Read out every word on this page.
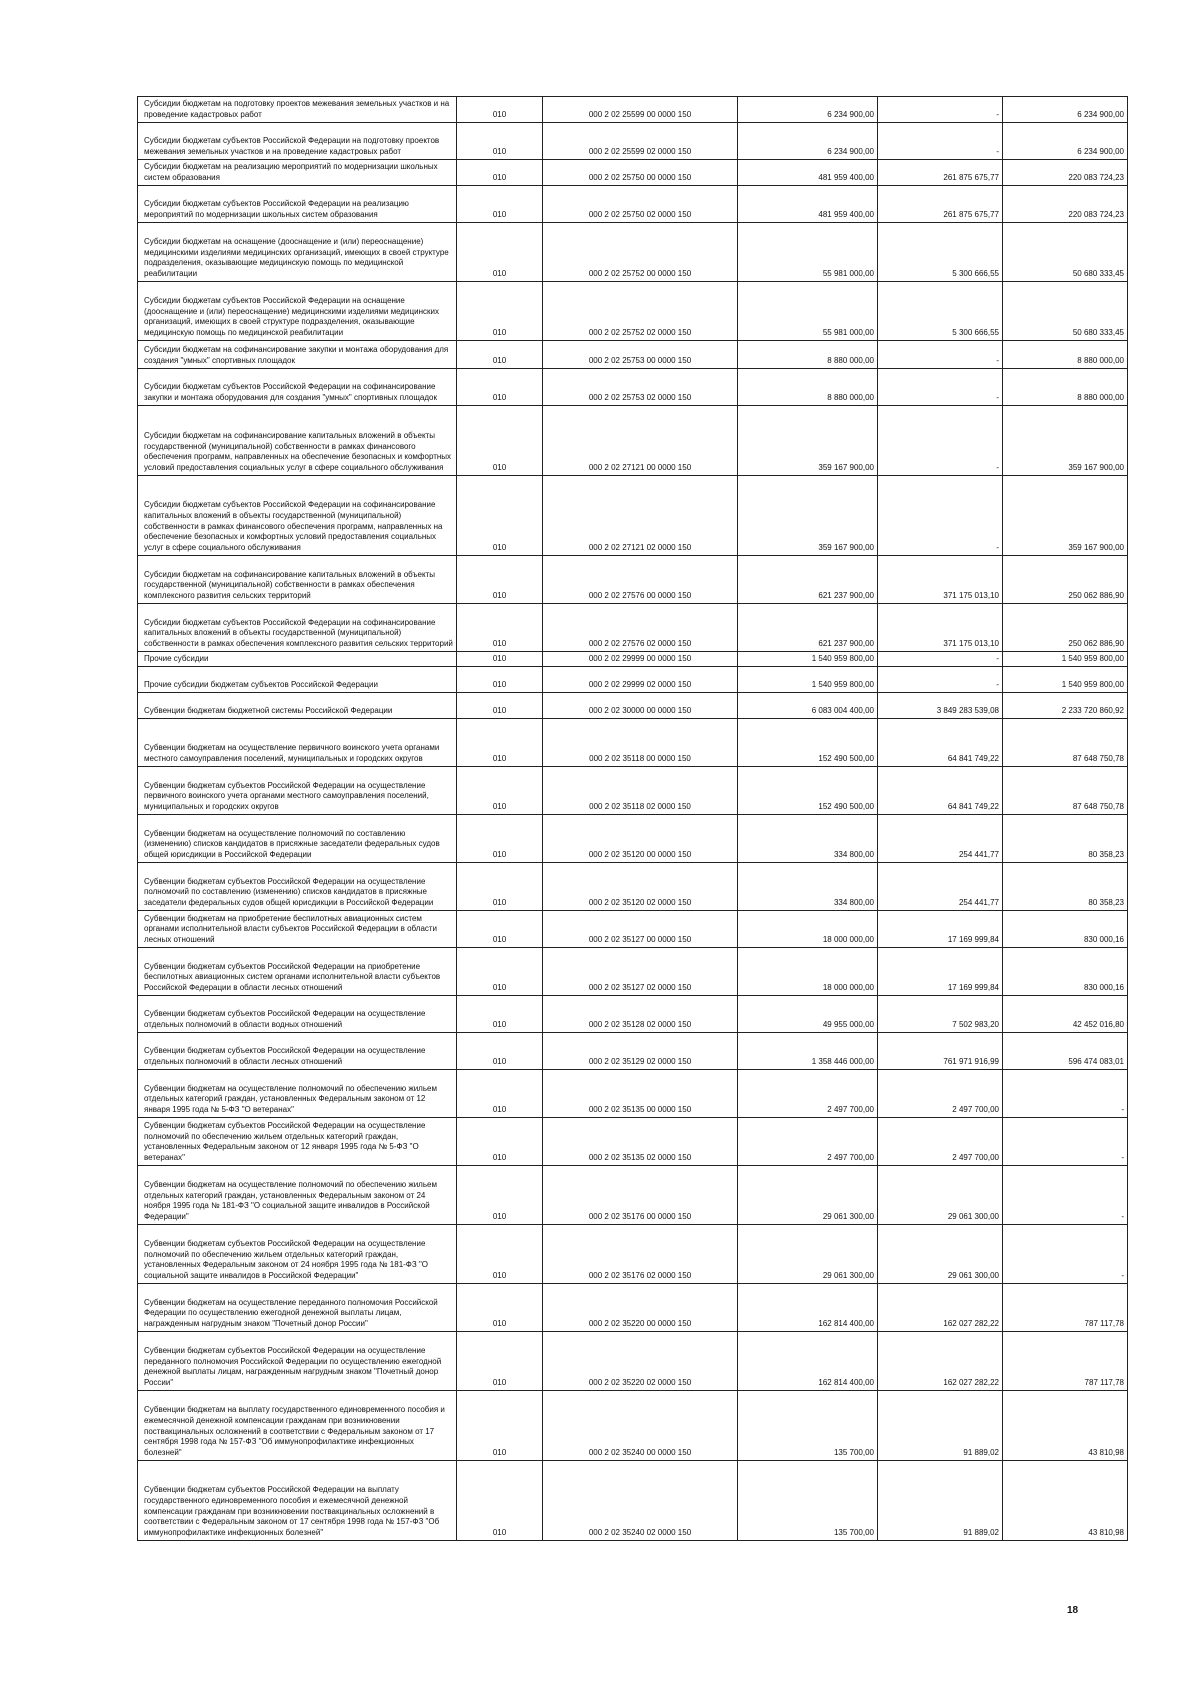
Субсидии бюджетам на подготовку проектов межевания земельных участков и на проведение кадастровых работ	010	000 2 02 25599 00 0000 150	6 234 900,00	-	6 234 900,00
Субсидии бюджетам субъектов Российской Федерации на подготовку проектов межевания земельных участков и на проведение кадастровых работ	010	000 2 02 25599 02 0000 150	6 234 900,00	-	6 234 900,00
Субсидии бюджетам на реализацию мероприятий по модернизации школьных систем образования	010	000 2 02 25750 00 0000 150	481 959 400,00	261 875 675,77	220 083 724,23
Субсидии бюджетам субъектов Российской Федерации на реализацию мероприятий по модернизации школьных систем образования	010	000 2 02 25750 02 0000 150	481 959 400,00	261 875 675,77	220 083 724,23
Субсидии бюджетам на оснащение (дооснащение и (или) переоснащение) медицинскими изделиями медицинских организаций, имеющих в своей структуре подразделения, оказывающие медицинскую помощь по медицинской реабилитации	010	000 2 02 25752 00 0000 150	55 981 000,00	5 300 666,55	50 680 333,45
Субсидии бюджетам субъектов Российской Федерации на оснащение (дооснащение и (или) переоснащение) медицинскими изделиями медицинских организаций, имеющих в своей структуре подразделения, оказывающие медицинскую помощь по медицинской реабилитации	010	000 2 02 25752 02 0000 150	55 981 000,00	5 300 666,55	50 680 333,45
Субсидии бюджетам на софинансирование закупки и монтажа оборудования для создания "умных" спортивных площадок	010	000 2 02 25753 00 0000 150	8 880 000,00	-	8 880 000,00
Субсидии бюджетам субъектов Российской Федерации на софинансирование закупки и монтажа оборудования для создания "умных" спортивных площадок	010	000 2 02 25753 02 0000 150	8 880 000,00	-	8 880 000,00
Субсидии бюджетам на софинансирование капитальных вложений в объекты государственной (муниципальной) собственности в рамках финансового обеспечения программ, направленных на обеспечение безопасных и комфортных условий предоставления социальных услуг в сфере социального обслуживания	010	000 2 02 27121 00 0000 150	359 167 900,00	-	359 167 900,00
Субсидии бюджетам субъектов Российской Федерации на софинансирование капитальных вложений в объекты государственной (муниципальной) собственности в рамках финансового обеспечения программ, направленных на обеспечение безопасных и комфортных условий предоставления социальных услуг в сфере социального обслуживания	010	000 2 02 27121 02 0000 150	359 167 900,00	-	359 167 900,00
Субсидии бюджетам на софинансирование капитальных вложений в объекты государственной (муниципальной) собственности в рамках обеспечения комплексного развития сельских территорий	010	000 2 02 27576 00 0000 150	621 237 900,00	371 175 013,10	250 062 886,90
Субсидии бюджетам субъектов Российской Федерации на софинансирование капитальных вложений в объекты государственной (муниципальной) собственности в рамках обеспечения комплексного развития сельских территорий	010	000 2 02 27576 02 0000 150	621 237 900,00	371 175 013,10	250 062 886,90
Прочие субсидии	010	000 2 02 29999 00 0000 150	1 540 959 800,00	-	1 540 959 800,00
Прочие субсидии бюджетам субъектов Российской Федерации	010	000 2 02 29999 02 0000 150	1 540 959 800,00	-	1 540 959 800,00
Субвенции бюджетам бюджетной системы Российской Федерации	010	000 2 02 30000 00 0000 150	6 083 004 400,00	3 849 283 539,08	2 233 720 860,92
Субвенции бюджетам на осуществление первичного воинского учета органами местного самоуправления поселений, муниципальных и городских округов	010	000 2 02 35118 00 0000 150	152 490 500,00	64 841 749,22	87 648 750,78
Субвенции бюджетам субъектов Российской Федерации на осуществление первичного воинского учета органами местного самоуправления поселений, муниципальных и городских округов	010	000 2 02 35118 02 0000 150	152 490 500,00	64 841 749,22	87 648 750,78
Субвенции бюджетам на осуществление полномочий по составлению (изменению) списков кандидатов в присяжные заседатели федеральных судов общей юрисдикции в Российской Федерации	010	000 2 02 35120 00 0000 150	334 800,00	254 441,77	80 358,23
Субвенции бюджетам субъектов Российской Федерации на осуществление полномочий по составлению (изменению) списков кандидатов в присяжные заседатели федеральных судов общей юрисдикции в Российской Федерации	010	000 2 02 35120 02 0000 150	334 800,00	254 441,77	80 358,23
Субвенции бюджетам на приобретение беспилотных авиационных систем органами исполнительной власти субъектов Российской Федерации в области лесных отношений	010	000 2 02 35127 00 0000 150	18 000 000,00	17 169 999,84	830 000,16
Субвенции бюджетам субъектов Российской Федерации на приобретение беспилотных авиационных систем органами исполнительной власти субъектов Российской Федерации в области лесных отношений	010	000 2 02 35127 02 0000 150	18 000 000,00	17 169 999,84	830 000,16
Субвенции бюджетам субъектов Российской Федерации на осуществление отдельных полномочий в области водных отношений	010	000 2 02 35128 02 0000 150	49 955 000,00	7 502 983,20	42 452 016,80
Субвенции бюджетам субъектов Российской Федерации на осуществление отдельных полномочий в области лесных отношений	010	000 2 02 35129 02 0000 150	1 358 446 000,00	761 971 916,99	596 474 083,01
Субвенции бюджетам на осуществление полномочий по обеспечению жильем отдельных категорий граждан, установленных Федеральным законом от 12 января 1995 года № 5-ФЗ "О ветеранах"	010	000 2 02 35135 00 0000 150	2 497 700,00	2 497 700,00	-
Субвенции бюджетам субъектов Российской Федерации на осуществление полномочий по обеспечению жильем отдельных категорий граждан, установленных Федеральным законом от 12 января 1995 года № 5-ФЗ "О ветеранах"	010	000 2 02 35135 02 0000 150	2 497 700,00	2 497 700,00	-
Субвенции бюджетам на осуществление полномочий по обеспечению жильем отдельных категорий граждан, установленных Федеральным законом от 24 ноября 1995 года № 181-ФЗ "О социальной защите инвалидов в Российской Федерации"	010	000 2 02 35176 00 0000 150	29 061 300,00	29 061 300,00	-
Субвенции бюджетам субъектов Российской Федерации на осуществление полномочий по обеспечению жильем отдельных категорий граждан, установленных Федеральным законом от 24 ноября 1995 года № 181-ФЗ "О социальной защите инвалидов в Российской Федерации"	010	000 2 02 35176 02 0000 150	29 061 300,00	29 061 300,00	-
Субвенции бюджетам на осуществление переданного полномочия Российской Федерации по осуществлению ежегодной денежной выплаты лицам, награжденным нагрудным знаком "Почетный донор России"	010	000 2 02 35220 00 0000 150	162 814 400,00	162 027 282,22	787 117,78
Субвенции бюджетам субъектов Российской Федерации на осуществление переданного полномочия Российской Федерации по осуществлению ежегодной денежной выплаты лицам, награжденным нагрудным знаком "Почетный донор России"	010	000 2 02 35220 02 0000 150	162 814 400,00	162 027 282,22	787 117,78
Субвенции бюджетам на выплату государственного единовременного пособия и ежемесячной денежной компенсации гражданам при возникновении поствакцинальных осложнений в соответствии с Федеральным законом от 17 сентября 1998 года № 157-ФЗ "Об иммунопрофилактике инфекционных болезней"	010	000 2 02 35240 00 0000 150	135 700,00	91 889,02	43 810,98
Субвенции бюджетам субъектов Российской Федерации на выплату государственного единовременного пособия и ежемесячной денежной компенсации гражданам при возникновении поствакцинальных осложнений в соответствии с Федеральным законом от 17 сентября 1998 года № 157-ФЗ "Об иммунопрофилактике инфекционных болезней"	010	000 2 02 35240 02 0000 150	135 700,00	91 889,02	43 810,98
18
